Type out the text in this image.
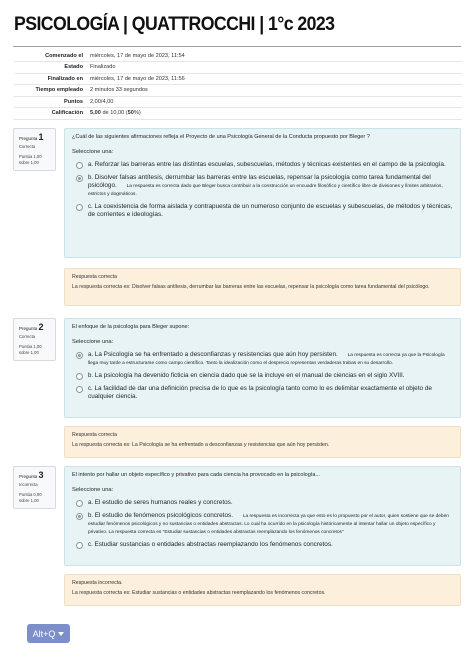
PSICOLOGÍA | QUATTROCCHI | 1°c 2023
Comenzado el	miércoles, 17 de mayo de 2023, 11:54
Estado	Finalizado
Finalizado en	miércoles, 17 de mayo de 2023, 11:56
Tiempo empleado	2 minutos 33 segundos
Puntos	2,00/4,00
Calificación	5,00 de 10,00 (50%)
Pregunta 1
Correcta
Puntúa 1,00 sobre 1,00
¿Cuál de las siguientes afirmaciones refleja el Proyecto de una Psicología General de la Conducta propuesto por Bleger ?
Seleccione una:
a. Reforzar las barreras entre las distintas escuelas, subescuelas, métodos y técnicas existentes en el campo de la psicología.
b. Disolver falsas antítesis, derrumbar las barreras entre las escuelas, repensar la psicología como tarea fundamental del psicólogo. La respuesta es correcta dado que Bleger busca contribuir a la construcción un encuadre filosófico y científico libre de divisiones y límites arbitrarios, estrictos y dogmáticos.
c. La coexistencia de forma aislada y contrapuesta de un numeroso conjunto de escuelas y subescuelas, de métodos y técnicas, de corrientes e ideologías.
Respuesta correcta
La respuesta correcta es: Disolver falsas antítesis, derrumbar las barreras entre las escuelas, repensar la psicología como tarea fundamental del psicólogo.
Pregunta 2
Correcta
Puntúa 1,00 sobre 1,00
El enfoque de la psicología para Bleger supone:
Seleccione una:
a. La Psicología se ha enfrentado a desconfianzas y resistencias que aún hoy persisten. La respuesta es correcta ya que la Psicología llega muy tarde a estructurarse como campo científico. Tanto la idealización como el desprecio representan verdaderas trabas en su desarrollo.
b. La psicología ha devenido ficticia en ciencia dado que se la incluye en el manual de ciencias en el siglo XVIII.
c. La facilidad de dar una definición precisa de lo que es la psicología tanto como lo es delimitar exactamente el objeto de cualquier ciencia.
Respuesta correcta
La respuesta correcta es: La Psicología se ha enfrentado a desconfianzas y resistencias que aún hoy persisten.
Pregunta 3
Incorrecta
Puntúa 0,00 sobre 1,00
El intento por hallar un objeto específico y privativo para cada ciencia ha provocado en la psicología...
Seleccione una:
a. El estudio de seres humanos reales y concretos.
b. El estudio de fenómenos psicológicos concretos. La respuesta es incorrecta ya que esto es lo propuesto por el autor, quien sostiene que se deben estudiar fenómenos psicológicos y no sustancias o entidades abstractas. Lo cual ha ocurrido en la psicología históricamente al intentar hallar un objeto específico y privativo. La respuesta correcta es "Estudiar sustancias o entidades abstractas reemplazando los fenómenos concretos"
c. Estudiar sustancias o entidades abstractas reemplazando los fenómenos concretos.
Respuesta incorrecta.
La respuesta correcta es: Estudiar sustancias o entidades abstractas reemplazando los fenómenos concretos.
Alt+Q
